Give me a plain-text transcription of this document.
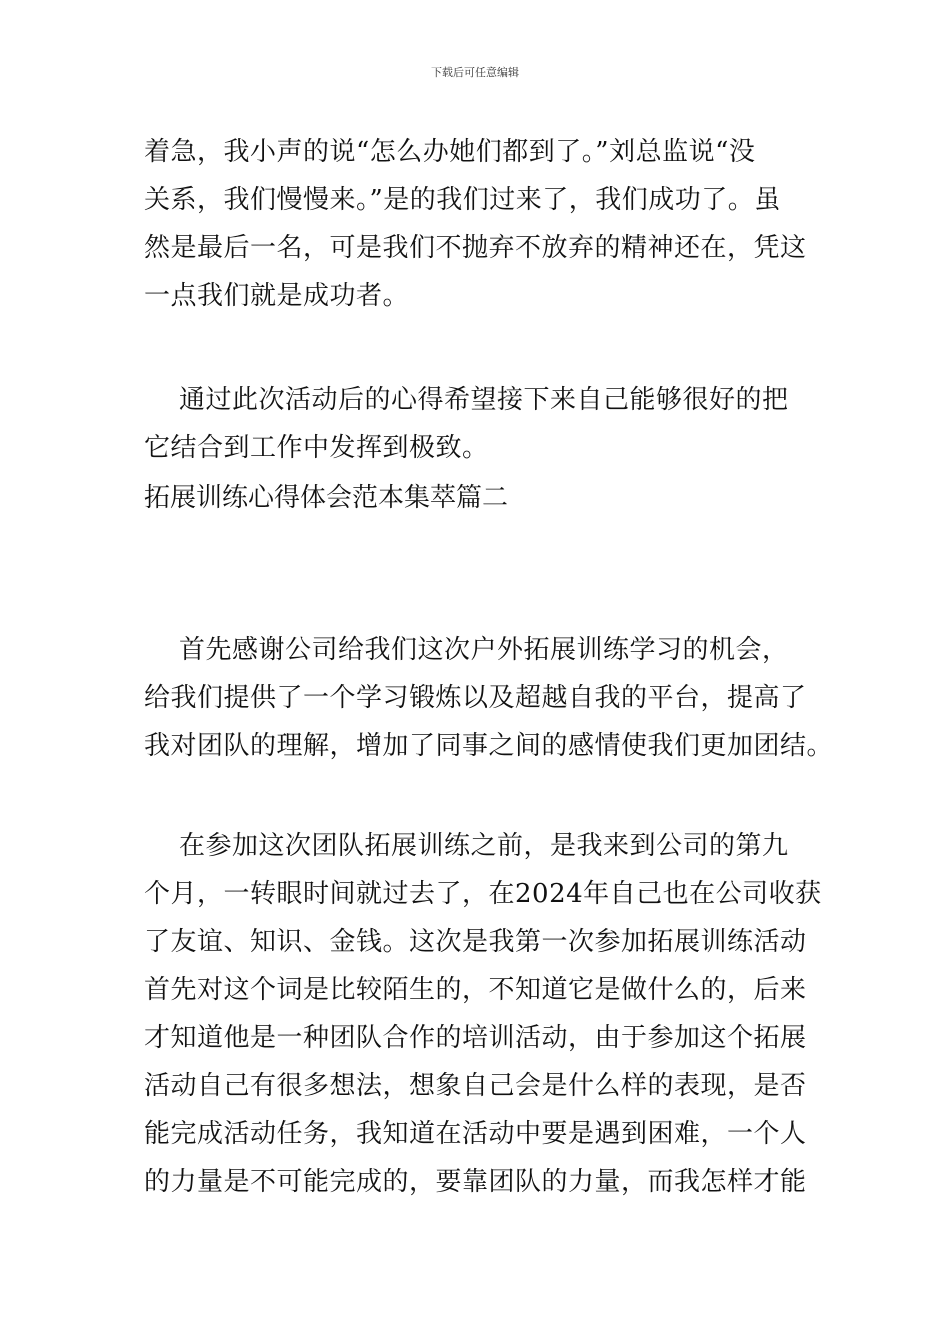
下载后可任意编辑
着急，我小声的说“怎么办她们都到了。”刘总监说“没
关系，我们慢慢来。”是的我们过来了，我们成功了。虽
然是最后一名，可是我们不抛弃不放弃的精神还在，凭这
一点我们就是成功者。
通过此次活动后的心得希望接下来自己能够很好的把
它结合到工作中发挥到极致。
拓展训练心得体会范本集萃篇二
首先感谢公司给我们这次户外拓展训练学习的机会，
给我们提供了一个学习锻炼以及超越自我的平台，提高了
我对团队的理解，增加了同事之间的感情使我们更加团结。
在参加这次团队拓展训练之前，是我来到公司的第九
个月，一转眼时间就过去了，在2024年自己也在公司收获
了友谊、知识、金钱。这次是我第一次参加拓展训练活动
首先对这个词是比较陌生的，不知道它是做什么的，后来
才知道他是一种团队合作的培训活动，由于参加这个拓展
活动自己有很多想法，想象自己会是什么样的表现，是否
能完成活动任务，我知道在活动中要是遇到困难，一个人
的力量是不可能完成的，要靠团队的力量，而我怎样才能
